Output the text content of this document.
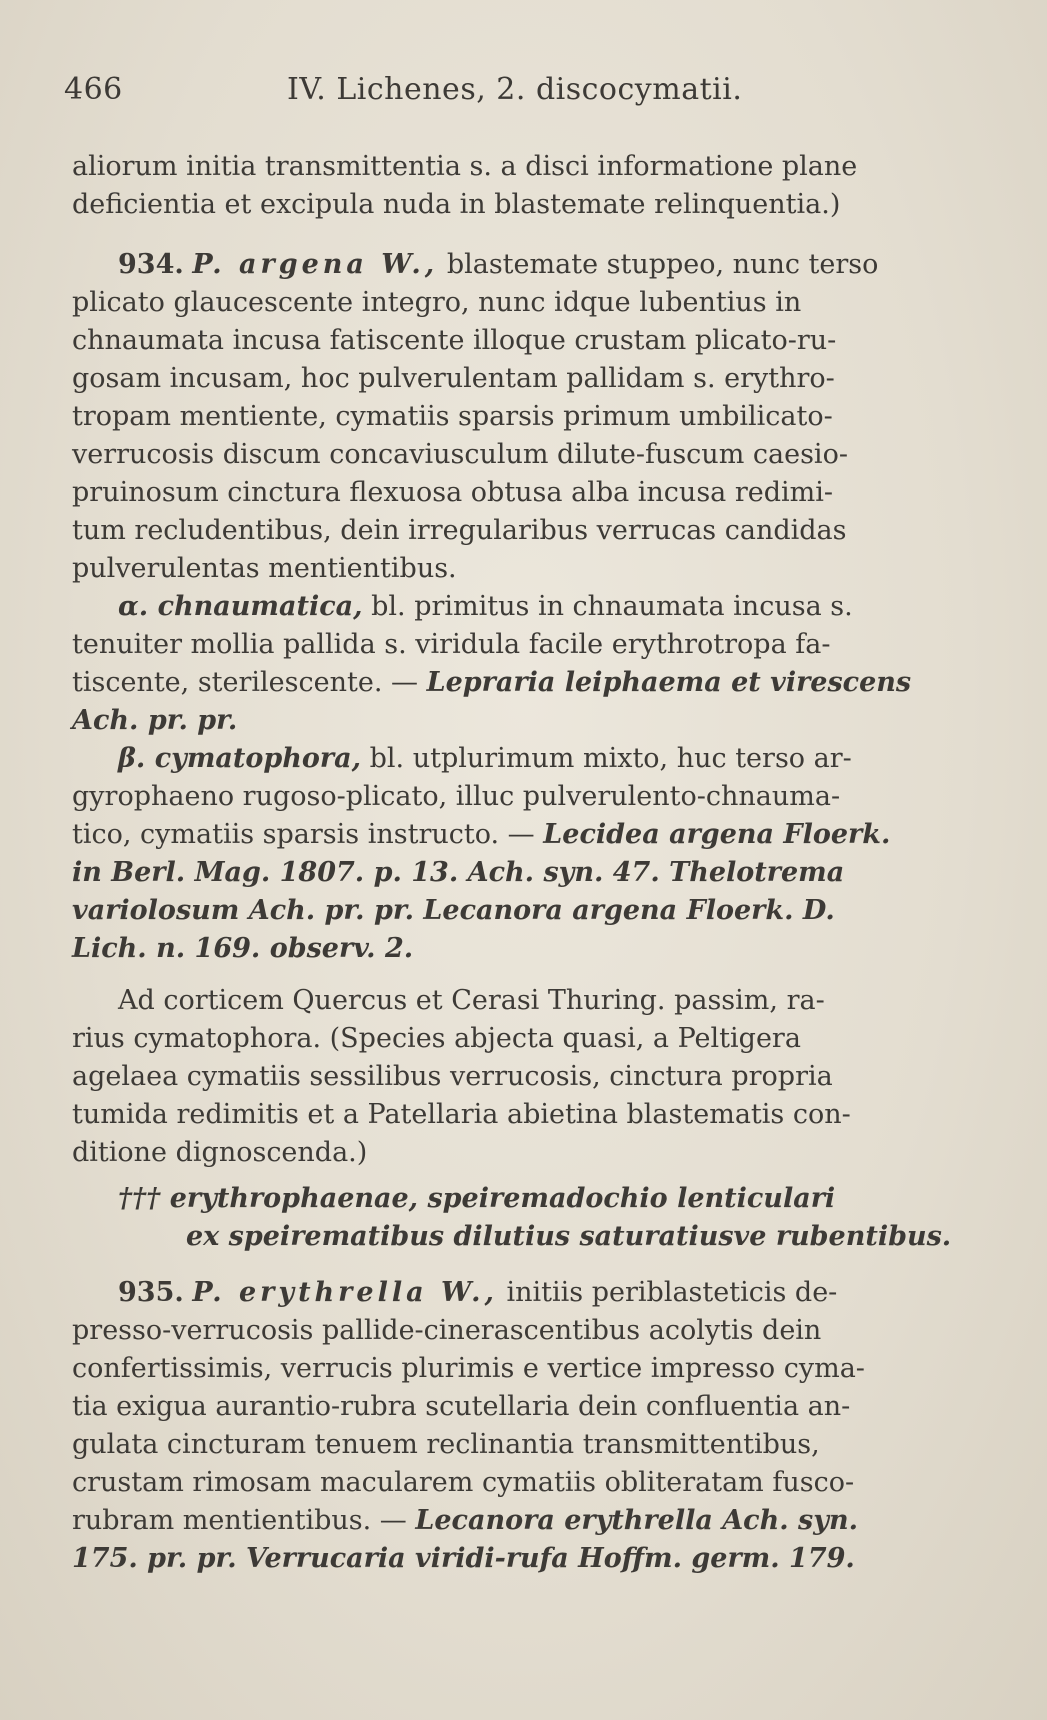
466	IV. Lichenes, 2. discocymatii.
aliorum initia transmittentia s. a disci informatione plane
deficientia et excipula nuda in blastemate relinquentia.)
934. P. argena W., blastemate stuppeo, nunc terso
plicato glaucescente integro, nunc idque lubentius in
chnaumata incusa fatiscente illoque crustam plicato-ru-
gosam incusam, hoc pulverulentam pallidam s. erythro-
tropam mentiente, cymatiis sparsis primum umbilicato-
verrucosis discum concaviusculum dilute-fuscum caesio-
pruinosum cinctura flexuosa obtusa alba incusa redimi-
tum recludentibus, dein irregularibus verrucas candidas
pulverulentas mentientibus.
α. chnaumatica, bl. primitus in chnaumata incusa s.
tenuiter mollia pallida s. viridula facile erythrotropa fa-
tiscente, sterilescente. — Lepraria leiphaema et virescens
Ach. pr. pr.
β. cymatophora, bl. utplurimum mixto, huc terso ar-
gyrophaeno rugoso-plicato, illuc pulverulento-chnauma-
tico, cymatiis sparsis instructo. — Lecidea argena Floerk.
in Berl. Mag. 1807. p. 13. Ach. syn. 47. Thelotrema
variolosum Ach. pr. pr. Lecanora argena Floerk. D.
Lich. n. 169. observ. 2.
Ad corticem Quercus et Cerasi Thuring. passim, ra-
rius cymatophora. (Species abjecta quasi, a Peltigera
agelaea cymatiis sessilibus verrucosis, cinctura propria
tumida redimitis et a Patellaria abietina blastematis con-
ditione dignoscenda.)
††† erythrophaenae, speiremadochio lenticulari
ex speirematibus dilutius saturatiusve rubentibus.
935. P. erythrella W., initiis periblasteticis de-
presso-verrucosis pallide-cinerascentibus acolytis dein
confertissimis, verrucis plurimis e vertice impresso cyma-
tia exigua aurantio-rubra scutellaria dein confluentia an-
gulata cincturam tenuem reclinantia transmittentibus,
crustam rimosam macularem cymatiis obliteratam fusco-
rubram mentientibus. — Lecanora erythrella Ach. syn.
175. pr. pr. Verrucaria viridi-rufa Hoffm. germ. 179.
